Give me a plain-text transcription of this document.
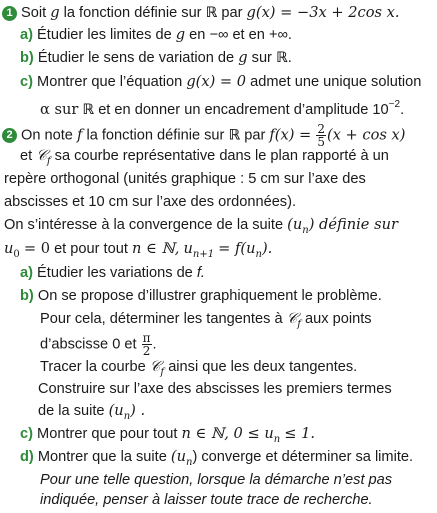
1 Soit g la fonction définie sur ℝ par g(x) = −3x + 2cos x.
a) Étudier les limites de g en −∞ et en +∞.
b) Étudier le sens de variation de g sur ℝ.
c) Montrer que l’équation g(x) = 0 admet une unique solution
α sur ℝ et en donner un encadrement d’amplitude $10^{-2}$.
2 On note f la fonction définie sur ℝ par $f(x) = \frac{2}{5} (x + \cos x)$
et 𝒞$_f$ sa courbe représentative dans le plan rapporté à un
repère orthogonal (unités graphique : 5 cm sur l’axe des
abscisses et 10 cm sur l’axe des ordonnées).
On s’intéresse à la convergence de la suite $(u_n)$ définie sur
$u_0 = 0$ et pour tout n ∈ ℕ, $u_{n+1} = f(u_n)$.
a) Étudier les variations de f.
b) On se propose d’illustrer graphiquement le problème.
Pour cela, déterminer les tangentes à 𝒞$_f$ aux points
d’abscisse 0 et $\frac{\pi}{2}$ .
Tracer la courbe 𝒞$_f$ ainsi que les deux tangentes.
Construire sur l’axe des abscisses les premiers termes
de la suite $(u_n)$ .
c) Montrer que pour tout n ∈ ℕ, $0 \le u_n \le 1$.
d) Montrer que la suite $(u_n)$ converge et déterminer sa limite.
Pour une telle question, lorsque la démarche n’est pas
indiquée, penser à laisser toute trace de recherche.
